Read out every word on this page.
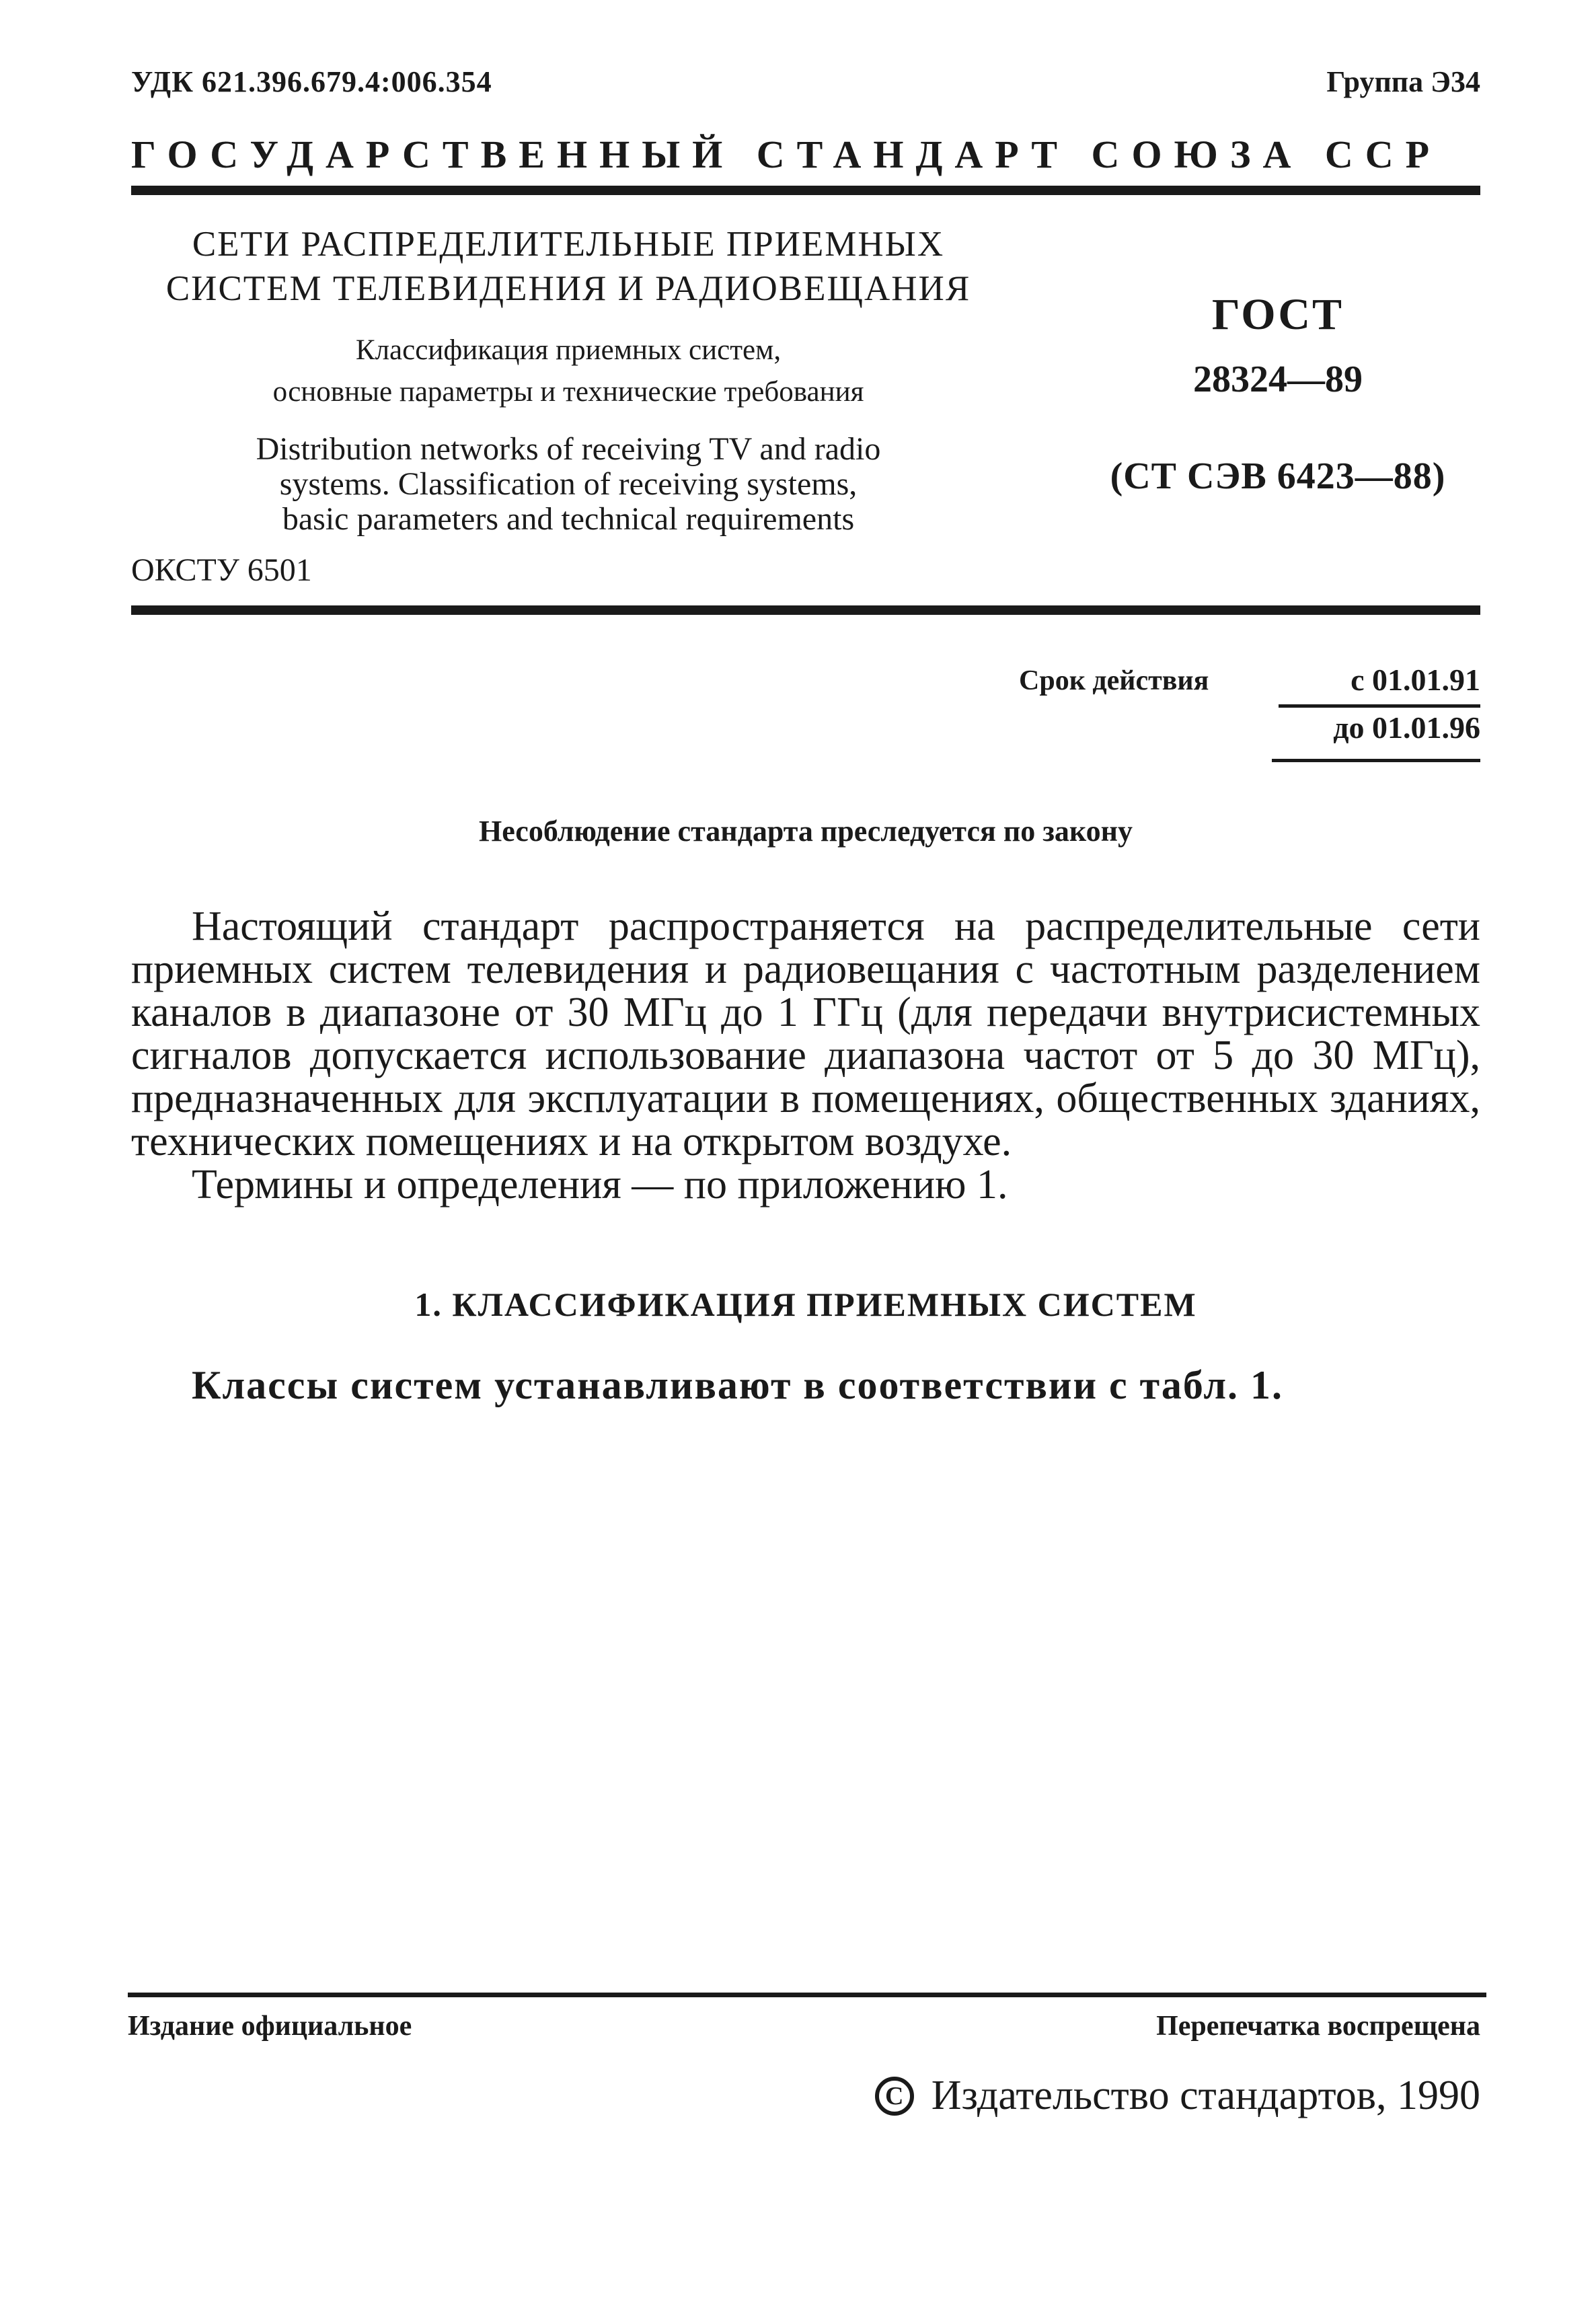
УДК 621.396.679.4:006.354	Группа Э34
ГОСУДАРСТВЕННЫЙ СТАНДАРТ СОЮЗА ССР
СЕТИ РАСПРЕДЕЛИТЕЛЬНЫЕ ПРИЕМНЫХ
СИСТЕМ ТЕЛЕВИДЕНИЯ И РАДИОВЕЩАНИЯ
Классификация приемных систем,
основные параметры и технические требования
Distribution networks of receiving TV and radio
systems. Classification of receiving systems,
basic parameters and technical requirements
ОКСТУ 6501
ГОСТ
28324—89
(СТ СЭВ 6423—88)
Срок действия	с 01.01.91
до 01.01.96
Несоблюдение стандарта преследуется по закону

Настоящий стандарт распространяется на распределительные сети приемных систем телевидения и радиовещания с частотным разделением каналов в диапазоне от 30 МГц до 1 ГГц (для передачи внутрисистемных сигналов допускается использование диапазона частот от 5 до 30 МГц), предназначенных для эксплуатации в помещениях, общественных зданиях, технических помещениях и на открытом воздухе.

Термины и определения — по приложению 1.

1. КЛАССИФИКАЦИЯ ПРИЕМНЫХ СИСТЕМ
Классы систем устанавливают в соответствии с табл. 1.
Издание официальное	Перепечатка воспрещена
C Издательство стандартов, 1990
